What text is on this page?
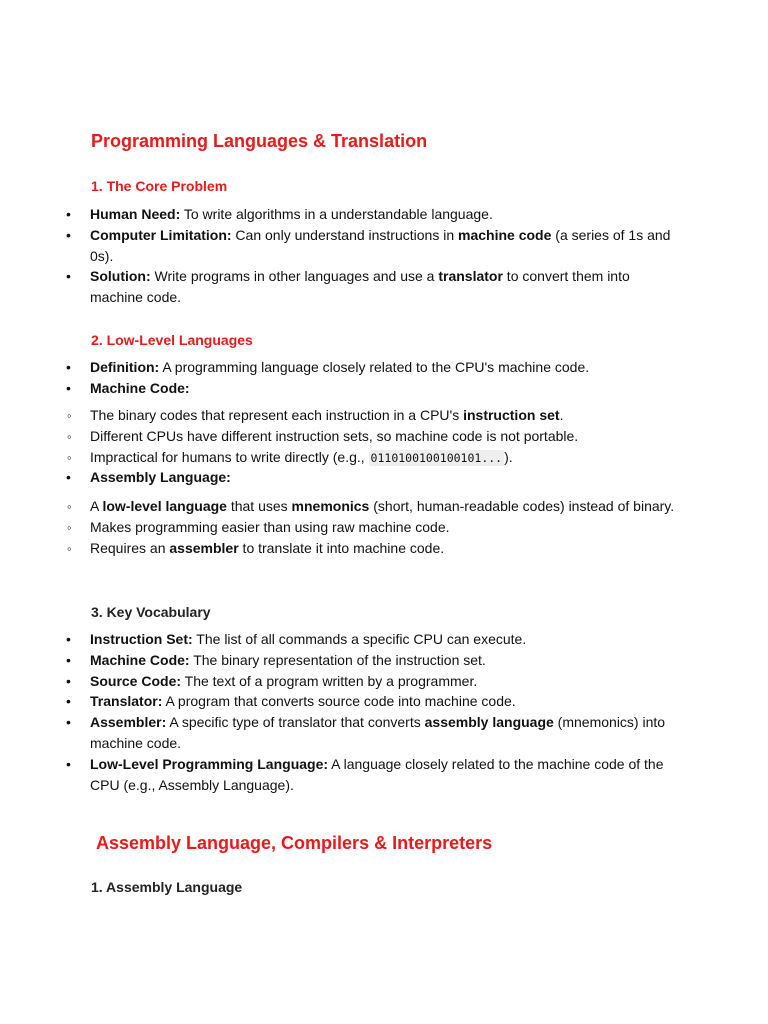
Programming Languages & Translation
1. The Core Problem
•
Human Need: To write algorithms in a understandable language.
•
Computer Limitation: Can only understand instructions in machine code (a series of 1s and 0s).
•
Solution: Write programs in other languages and use a translator to convert them into machine code.
2. Low-Level Languages
•
Definition: A programming language closely related to the CPU's machine code.
•
Machine Code:
◦
The binary codes that represent each instruction in a CPU's instruction set.
◦
Different CPUs have different instruction sets, so machine code is not portable.
◦
Impractical for humans to write directly (e.g., 0110100100100101... ).
•
Assembly Language:
◦
A low-level language that uses mnemonics (short, human-readable codes) instead of binary.
◦
Makes programming easier than using raw machine code.
◦
Requires an assembler to translate it into machine code.
3. Key Vocabulary
•
Instruction Set: The list of all commands a specific CPU can execute.
•
Machine Code: The binary representation of the instruction set.
•
Source Code: The text of a program written by a programmer.
•
Translator: A program that converts source code into machine code.
•
Assembler: A specific type of translator that converts assembly language (mnemonics) into machine code.
•
Low-Level Programming Language: A language closely related to the machine code of the CPU (e.g., Assembly Language).
Assembly Language, Compilers & Interpreters
1. Assembly Language
